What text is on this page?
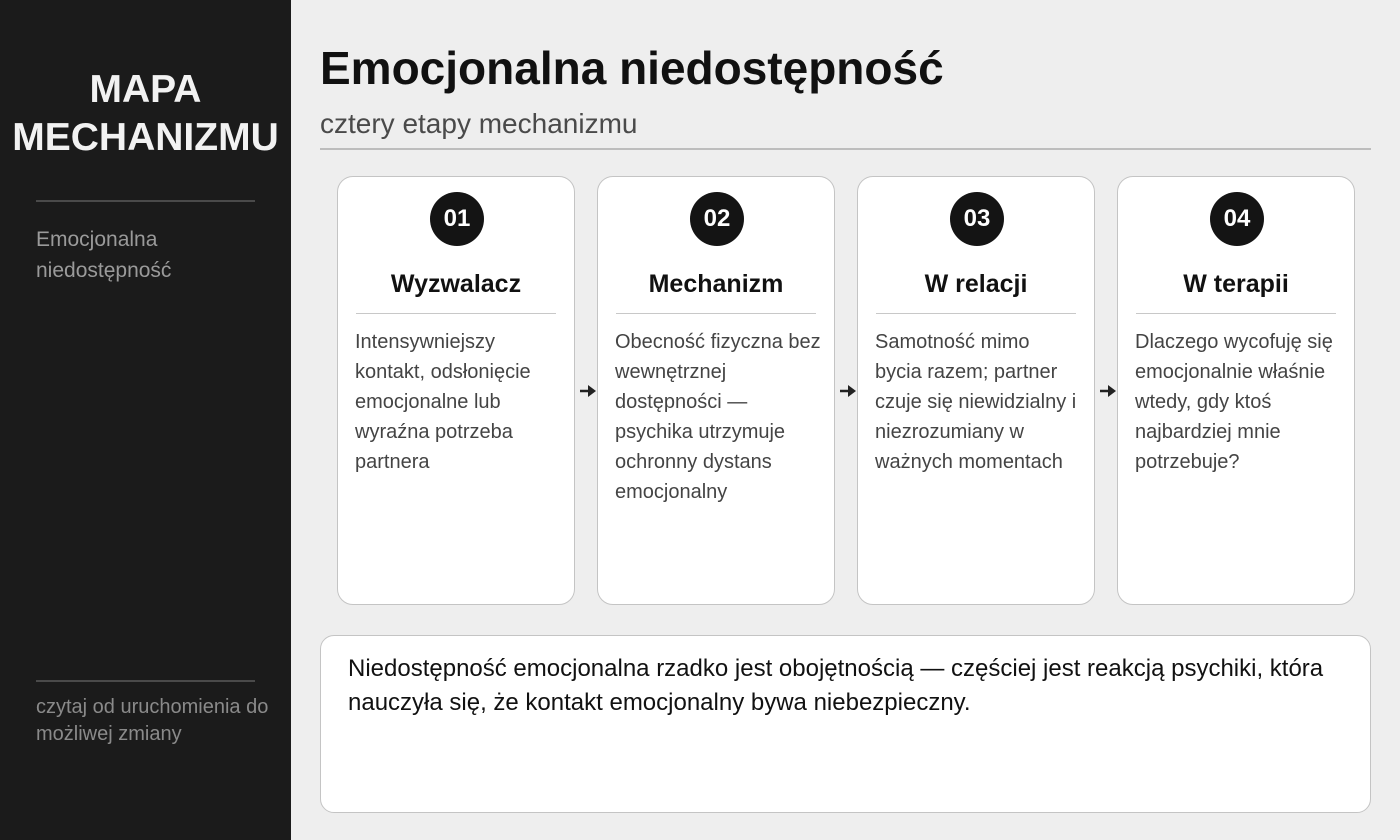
MAPA
MECHANIZMU
Emocjonalna niedostępność
czytaj od uruchomienia do możliwej zmiany
Emocjonalna niedostępność
cztery etapy mechanizmu
01
Wyzwalacz
Intensywniejszy kontakt, odsłonięcie emocjonalne lub wyraźna potrzeba partnera
02
Mechanizm
Obecność fizyczna bez wewnętrznej dostępności — psychika utrzymuje ochronny dystans emocjonalny
03
W relacji
Samotność mimo bycia razem; partner czuje się niewidzialny i niezrozumiany w ważnych momentach
04
W terapii
Dlaczego wycofuję się emocjonalnie właśnie wtedy, gdy ktoś najbardziej mnie potrzebuje?
Niedostępność emocjonalna rzadko jest obojętnością — częściej jest reakcją psychiki, która nauczyła się, że kontakt emocjonalny bywa niebezpieczny.
